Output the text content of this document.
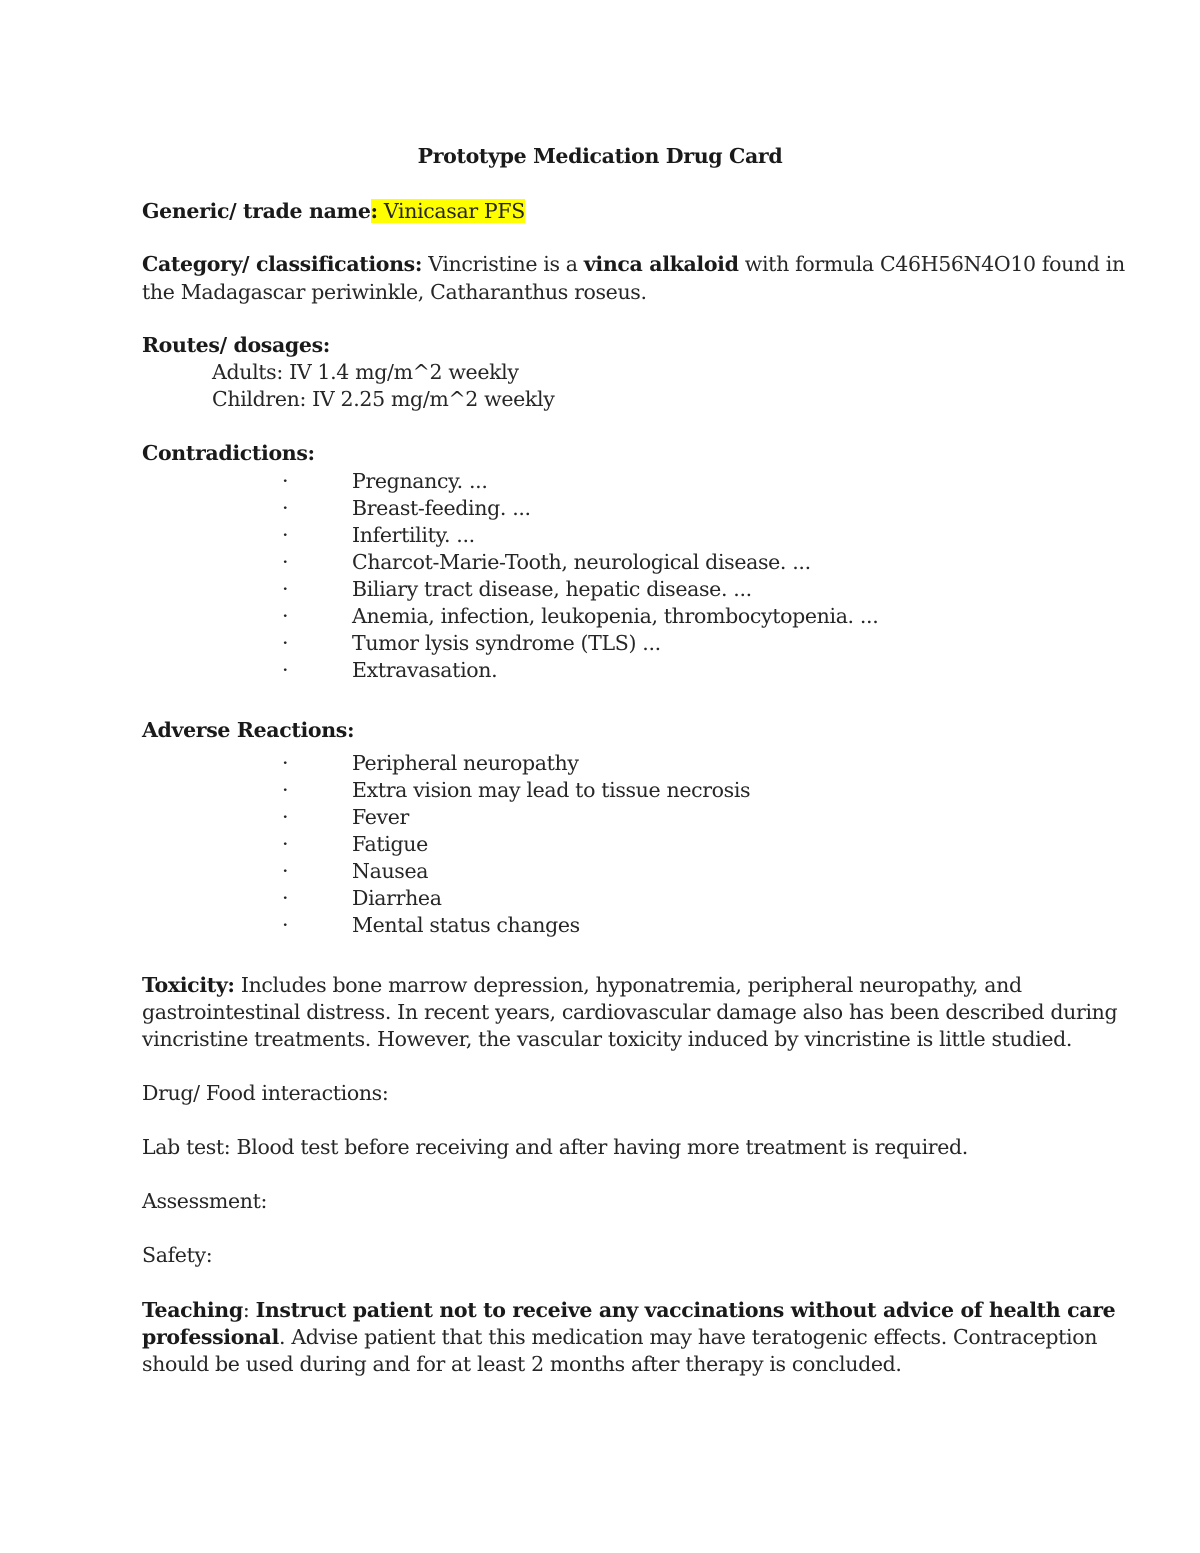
Prototype Medication Drug Card
Generic/ trade name: Vinicasar PFS
Category/ classifications: Vincristine is a vinca alkaloid with formula C46H56N4O10 found in
the Madagascar periwinkle, Catharanthus roseus.
Routes/ dosages:
Adults: IV 1.4 mg/m^2 weekly
Children: IV 2.25 mg/m^2 weekly
Contradictions:
·	Pregnancy. ...
·	Breast-feeding. ...
·	Infertility. ...
·	Charcot-Marie-Tooth, neurological disease. ...
·	Biliary tract disease, hepatic disease. ...
·	Anemia, infection, leukopenia, thrombocytopenia. ...
·	Tumor lysis syndrome (TLS) ...
·	Extravasation.
Adverse Reactions:
·	Peripheral neuropathy
·	Extra vision may lead to tissue necrosis
·	Fever
·	Fatigue
·	Nausea
·	Diarrhea
·	Mental status changes
Toxicity: Includes bone marrow depression, hyponatremia, peripheral neuropathy, and
gastrointestinal distress. In recent years, cardiovascular damage also has been described during
vincristine treatments. However, the vascular toxicity induced by vincristine is little studied.
Drug/ Food interactions:
Lab test: Blood test before receiving and after having more treatment is required.
Assessment:
Safety:
Teaching: Instruct patient not to receive any vaccinations without advice of health care
professional. Advise patient that this medication may have teratogenic effects. Contraception
should be used during and for at least 2 months after therapy is concluded.
